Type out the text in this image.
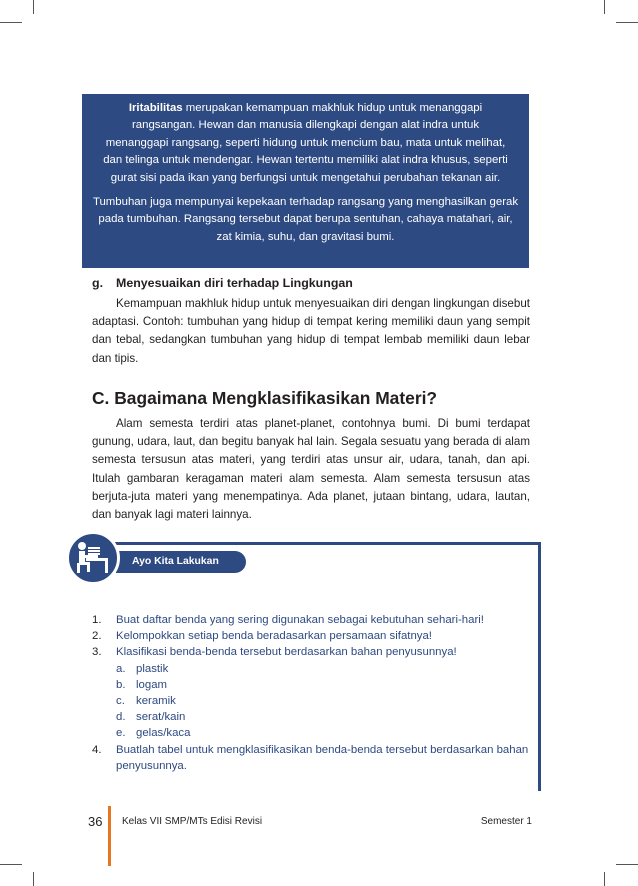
Iritabilitas merupakan kemampuan makhluk hidup untuk menanggapi rangsangan. Hewan dan manusia dilengkapi dengan alat indra untuk menanggapi rangsang, seperti hidung untuk mencium bau, mata untuk melihat, dan telinga untuk mendengar. Hewan tertentu memiliki alat indra khusus, seperti gurat sisi pada ikan yang berfungsi untuk mengetahui perubahan tekanan air.

Tumbuhan juga mempunyai kepekaan terhadap rangsang yang menghasilkan gerak pada tumbuhan. Rangsang tersebut dapat berupa sentuhan, cahaya matahari, air, zat kimia, suhu, dan gravitasi bumi.

g. Menyesuaikan diri terhadap Lingkungan

Kemampuan makhluk hidup untuk menyesuaikan diri dengan lingkungan disebut adaptasi. Contoh: tumbuhan yang hidup di tempat kering memiliki daun yang sempit dan tebal, sedangkan tumbuhan yang hidup di tempat lembab memiliki daun lebar dan tipis.

C. Bagaimana Mengklasifikasikan Materi?

Alam semesta terdiri atas planet-planet, contohnya bumi. Di bumi terdapat gunung, udara, laut, dan begitu banyak hal lain. Segala sesuatu yang berada di alam semesta tersusun atas materi, yang terdiri atas unsur air, udara, tanah, dan api. Itulah gambaran keragaman materi alam semesta. Alam semesta tersusun atas berjuta-juta materi yang menempatinya. Ada planet, jutaan bintang, udara, lautan, dan banyak lagi materi lainnya.

Ayo Kita Lakukan
1. Buat daftar benda yang sering digunakan sebagai kebutuhan sehari-hari!
2. Kelompokkan setiap benda beradasarkan persamaan sifatnya!
3. Klasifikasi benda-benda tersebut berdasarkan bahan penyusunnya!
a. plastik
b. logam
c. keramik
d. serat/kain
e. gelas/kaca
4. Buatlah tabel untuk mengklasifikasikan benda-benda tersebut berdasarkan bahan penyusunnya.
36 Kelas VII SMP/MTs Edisi Revisi	Semester 1
